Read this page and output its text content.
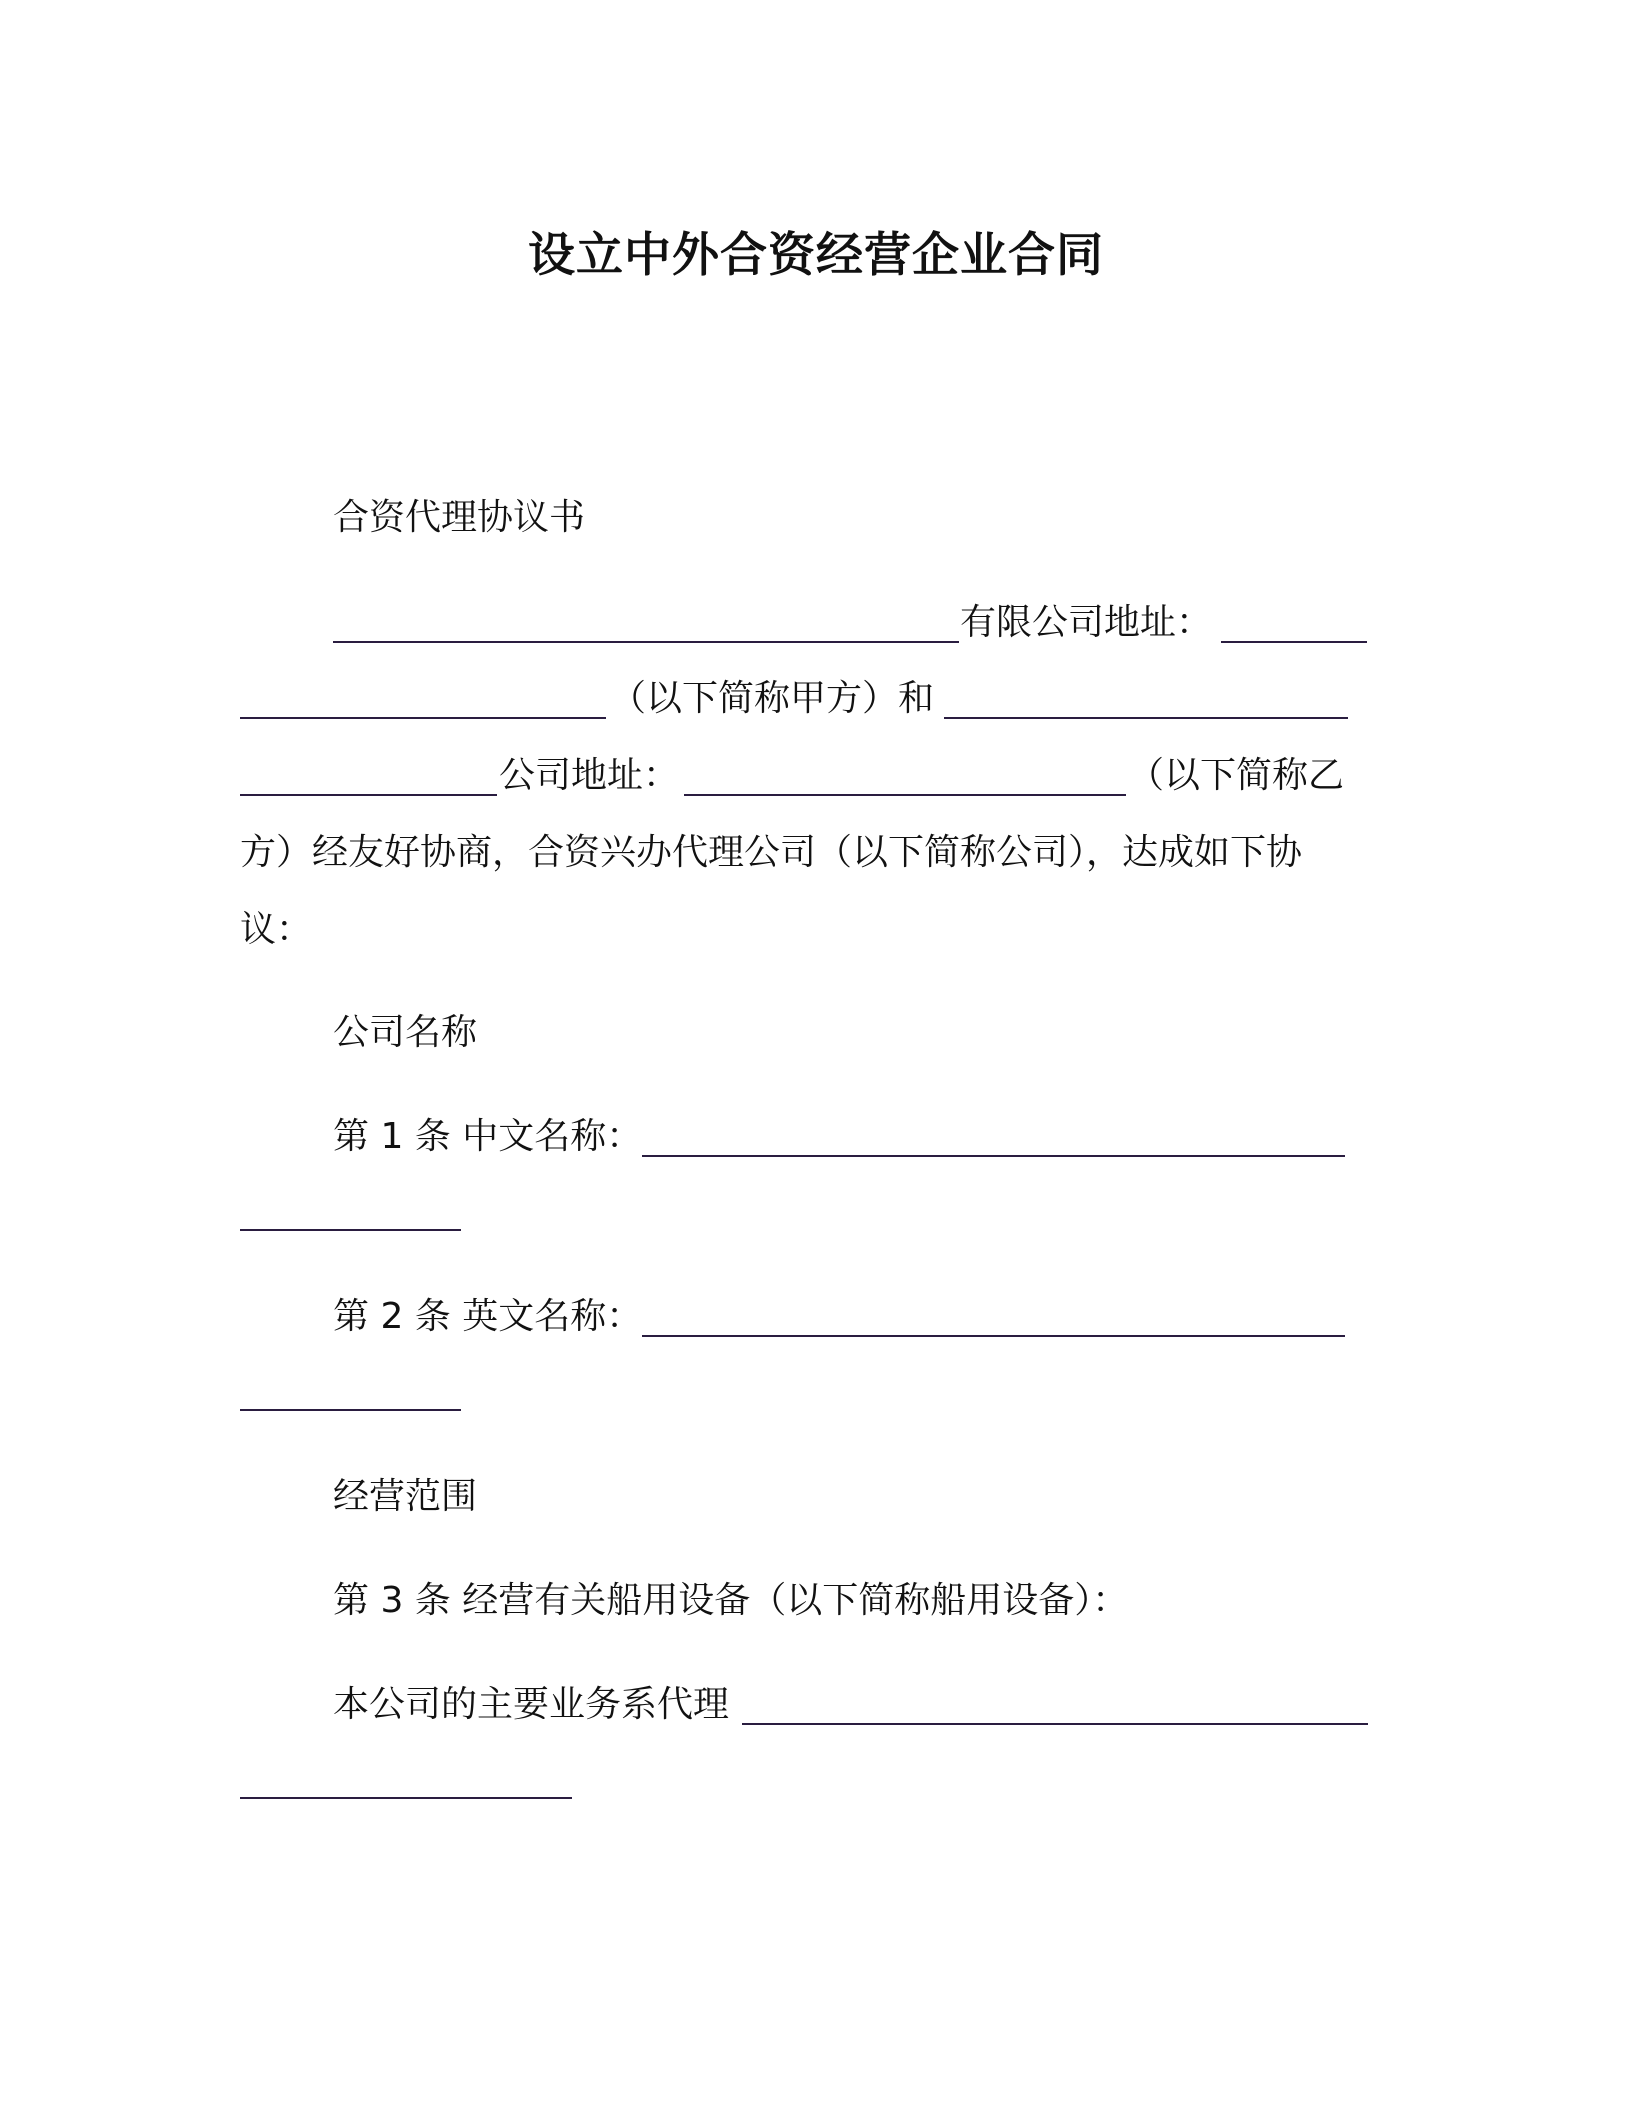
设立中外合资经营企业合同
合资代理协议书
有限公司地址：
（以下简称甲方）和
公司地址：	（以下简称乙
方）经友好协商，合资兴办代理公司（以下简称公司），达成如下协
议：
公司名称
第 1 条 中文名称：
第 2 条 英文名称：
经营范围
第 3 条 经营有关船用设备（以下简称船用设备）：
本公司的主要业务系代理
